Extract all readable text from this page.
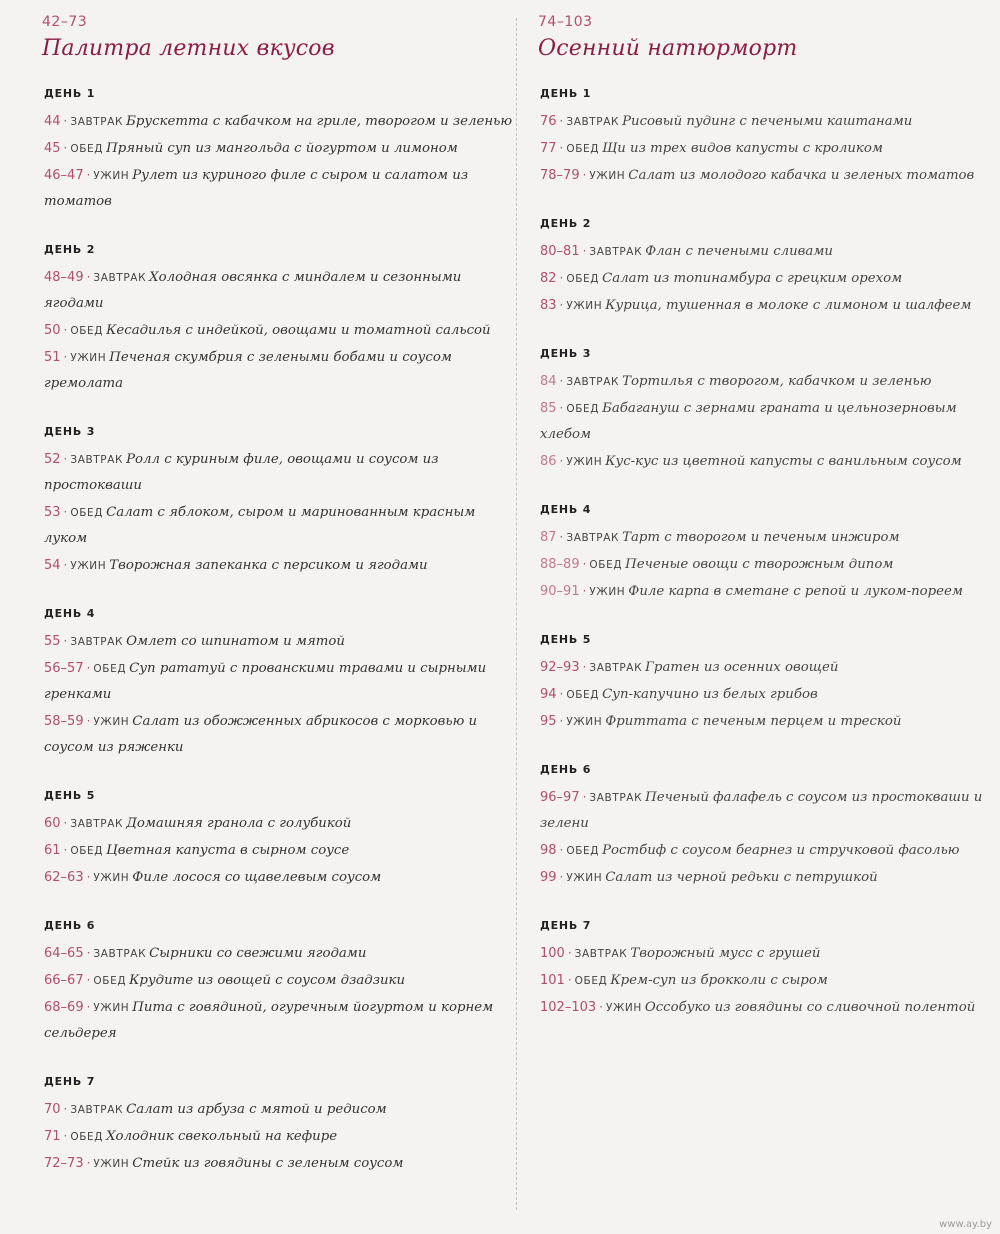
42–73
Палитра летних вкусов
ДЕНЬ 1
44 · ЗАВТРАК Брускетта с кабачком на гриле, творогом и зеленью
45 · ОБЕД Пряный суп из мангольда с йогуртом и лимоном
46–47 · УЖИН Рулет из куриного филе с сыром и салатом из томатов
ДЕНЬ 2
48–49 · ЗАВТРАК Холодная овсянка с миндалем и сезонными ягодами
50 · ОБЕД Кесадилья с индейкой, овощами и томатной сальсой
51 · УЖИН Печеная скумбрия с зелеными бобами и соусом гремолата
ДЕНЬ 3
52 · ЗАВТРАК Ролл с куриным филе, овощами и соусом из простокваши
53 · ОБЕД Салат с яблоком, сыром и маринованным красным луком
54 · УЖИН Творожная запеканка с персиком и ягодами
ДЕНЬ 4
55 · ЗАВТРАК Омлет со шпинатом и мятой
56–57 · ОБЕД Суп рататуй с прованскими травами и сырными гренками
58–59 · УЖИН Салат из обожженных абрикосов с морковью и соусом из ряженки
ДЕНЬ 5
60 · ЗАВТРАК Домашняя гранола с голубикой
61 · ОБЕД Цветная капуста в сырном соусе
62–63 · УЖИН Филе лосося со щавелевым соусом
ДЕНЬ 6
64–65 · ЗАВТРАК Сырники со свежими ягодами
66–67 · ОБЕД Крудите из овощей с соусом дзадзики
68–69 · УЖИН Пита с говядиной, огуречным йогуртом и корнем сельдерея
ДЕНЬ 7
70 · ЗАВТРАК Салат из арбуза с мятой и редисом
71 · ОБЕД Холодник свекольный на кефире
72–73 · УЖИН Стейк из говядины с зеленым соусом
74–103
Осенний натюрморт
ДЕНЬ 1
76 · ЗАВТРАК Рисовый пудинг с печеными каштанами
77 · ОБЕД Щи из трех видов капусты с кроликом
78–79 · УЖИН Салат из молодого кабачка и зеленых томатов
ДЕНЬ 2
80–81 · ЗАВТРАК Флан с печеными сливами
82 · ОБЕД Салат из топинамбура с грецким орехом
83 · УЖИН Курица, тушенная в молоке с лимоном и шалфеем
ДЕНЬ 3
84 · ЗАВТРАК Тортилья с творогом, кабачком и зеленью
85 · ОБЕД Бабагануш с зернами граната и цельнозерновым хлебом
86 · УЖИН Кус-кус из цветной капусты с ванильным соусом
ДЕНЬ 4
87 · ЗАВТРАК Тарт с творогом и печеным инжиром
88–89 · ОБЕД Печеные овощи с творожным дипом
90–91 · УЖИН Филе карпа в сметане с репой и луком-пореем
ДЕНЬ 5
92–93 · ЗАВТРАК Гратен из осенних овощей
94 · ОБЕД Суп-капучино из белых грибов
95 · УЖИН Фриттата с печеным перцем и треской
ДЕНЬ 6
96–97 · ЗАВТРАК Печеный фалафель с соусом из простокваши и зелени
98 · ОБЕД Ростбиф с соусом беарнез и стручковой фасолью
99 · УЖИН Салат из черной редьки с петрушкой
ДЕНЬ 7
100 · ЗАВТРАК Творожный мусс с грушей
101 · ОБЕД Крем-суп из брокколи с сыром
102–103 · УЖИН Оссобуко из говядины со сливочной полентой
www.ay.by
